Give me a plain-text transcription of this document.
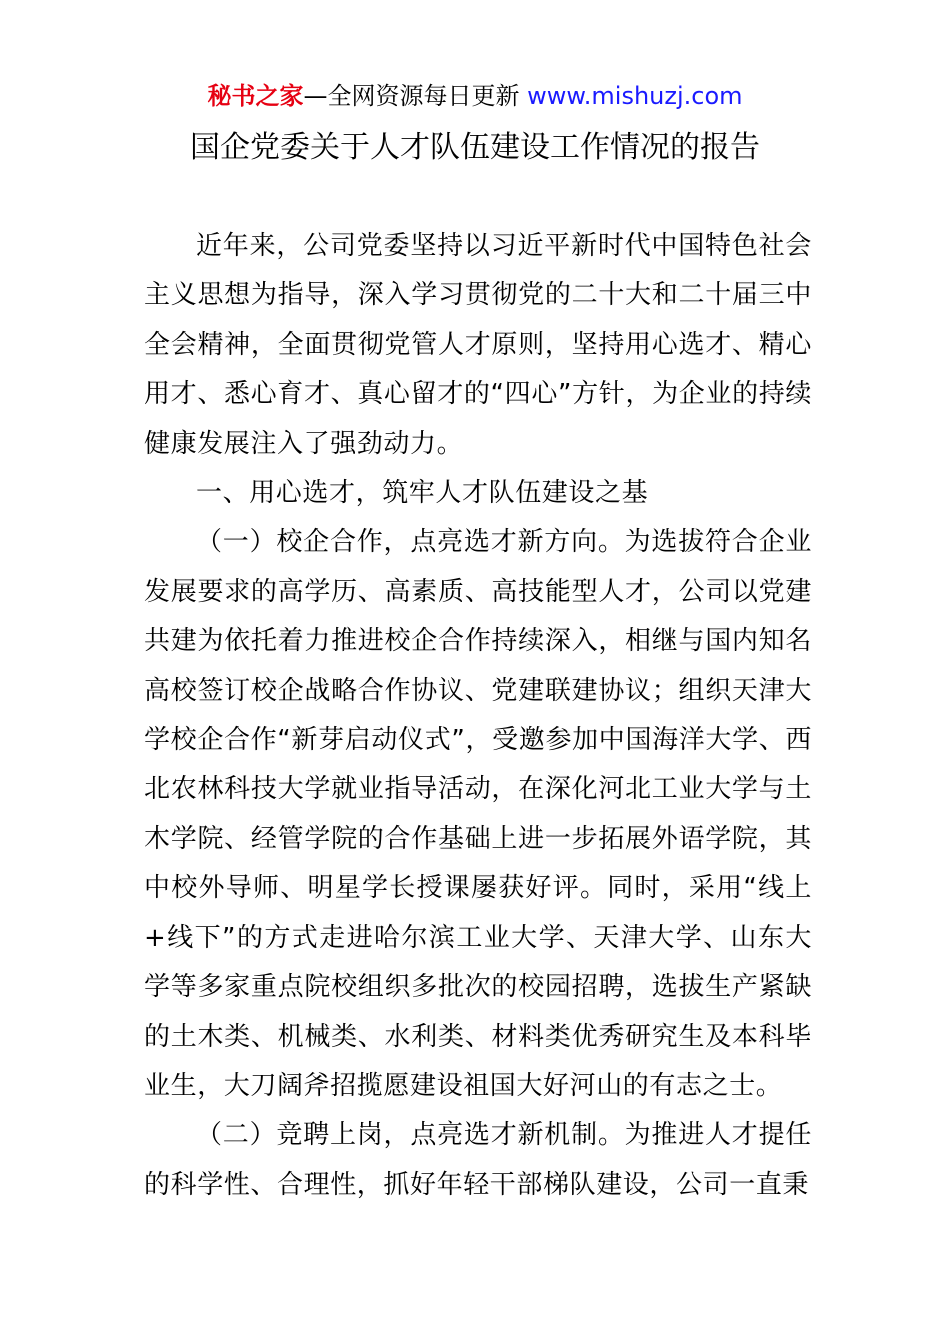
秘书之家—全网资源每日更新 www.mishuzj.com
国企党委关于人才队伍建设工作情况的报告

近年来，公司党委坚持以习近平新时代中国特色社会主义思想为指导，深入学习贯彻党的二十大和二十届三中全会精神，全面贯彻党管人才原则，坚持用心选才、精心用才、悉心育才、真心留才的“四心”方针，为企业的持续健康发展注入了强劲动力。

一、用心选才，筑牢人才队伍建设之基

（一）校企合作，点亮选才新方向。为选拔符合企业发展要求的高学历、高素质、高技能型人才，公司以党建共建为依托着力推进校企合作持续深入，相继与国内知名高校签订校企战略合作协议、党建联建协议；组织天津大学校企合作“新芽启动仪式”，受邀参加中国海洋大学、西北农林科技大学就业指导活动，在深化河北工业大学与土木学院、经管学院的合作基础上进一步拓展外语学院，其中校外导师、明星学长授课屡获好评。同时，采用“线上+线下”的方式走进哈尔滨工业大学、天津大学、山东大学等多家重点院校组织多批次的校园招聘，选拔生产紧缺的土木类、机械类、水利类、材料类优秀研究生及本科毕业生，大刀阔斧招揽愿建设祖国大好河山的有志之士。

（二）竞聘上岗，点亮选才新机制。为推进人才提任的科学性、合理性，抓好年轻干部梯队建设，公司一直秉
